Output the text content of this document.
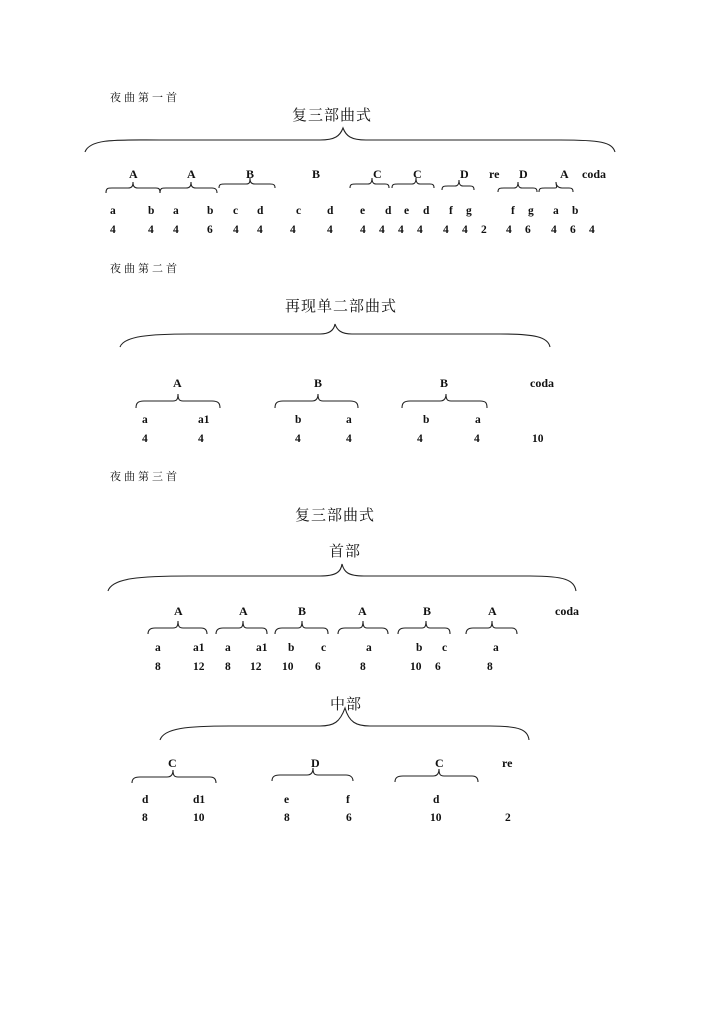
夜曲第一首
复三部曲式
A	A	B	B	C	C	D re D	A coda
a	b a b c d	c d e d e d f g	f g a b
4	4 4 6 4 4 4	4 4 4 4 4 4 4 2 4 6 4 6 4
夜曲第二首
再现单二部曲式
A	B	B	coda
a	a1	b	a	b	a
4	4	4	4	4	4	10
夜曲第三首
复三部曲式
首部
A	A	B	A	B	A	coda
a	a1 a a1 b c	a	b c	a
8	12 8 12 10 6	8	10 6	8
中部
C	D	C	re
d	d1	e	f	d
8	10	8	6	10	2
